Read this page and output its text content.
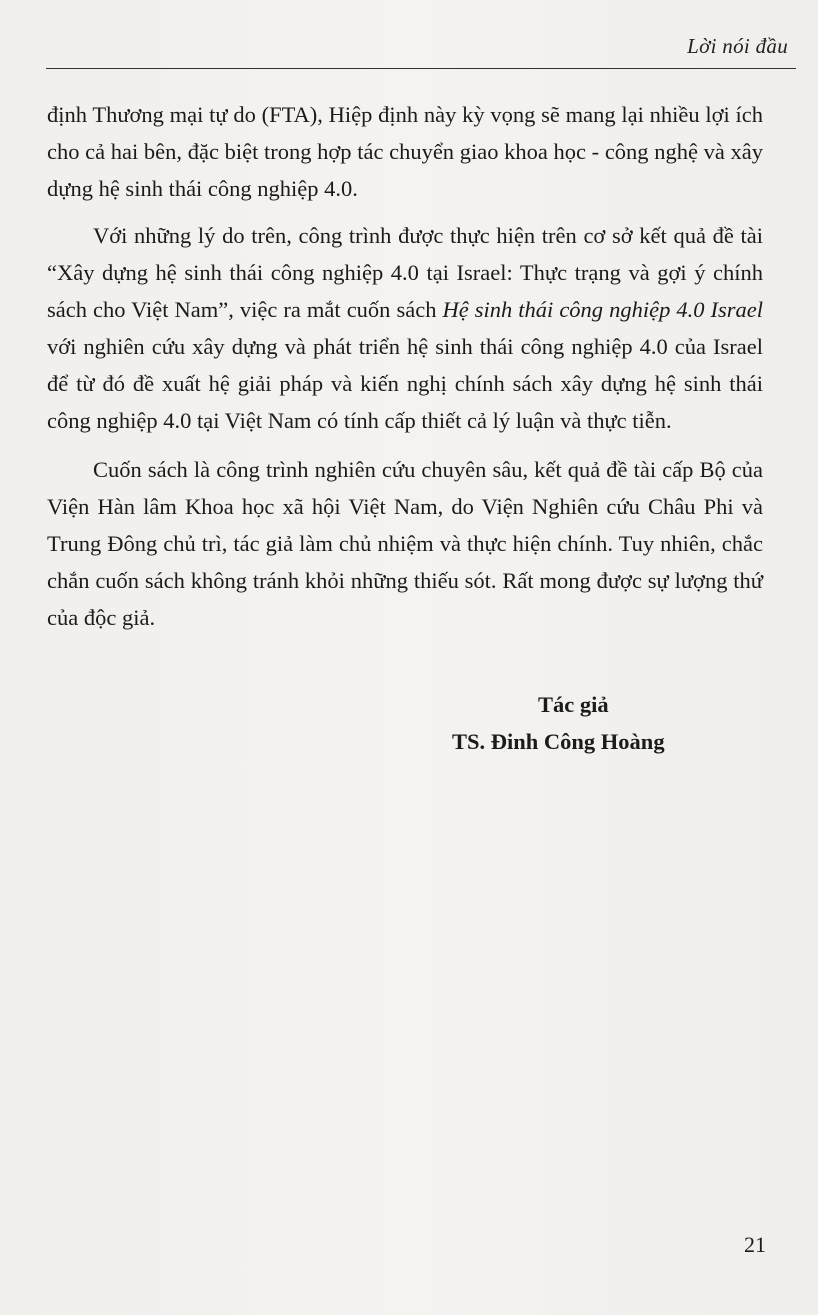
Lời nói đầu

định Thương mại tự do (FTA), Hiệp định này kỳ vọng sẽ mang lại nhiều lợi ích cho cả hai bên, đặc biệt trong hợp tác chuyển giao khoa học - công nghệ và xây dựng hệ sinh thái công nghiệp 4.0.

Với những lý do trên, công trình được thực hiện trên cơ sở kết quả đề tài “Xây dựng hệ sinh thái công nghiệp 4.0 tại Israel: Thực trạng và gợi ý chính sách cho Việt Nam”, việc ra mắt cuốn sách Hệ sinh thái công nghiệp 4.0 Israel với nghiên cứu xây dựng và phát triển hệ sinh thái công nghiệp 4.0 của Israel để từ đó đề xuất hệ giải pháp và kiến nghị chính sách xây dựng hệ sinh thái công nghiệp 4.0 tại Việt Nam có tính cấp thiết cả lý luận và thực tiễn.

Cuốn sách là công trình nghiên cứu chuyên sâu, kết quả đề tài cấp Bộ của Viện Hàn lâm Khoa học xã hội Việt Nam, do Viện Nghiên cứu Châu Phi và Trung Đông chủ trì, tác giả làm chủ nhiệm và thực hiện chính. Tuy nhiên, chắc chắn cuốn sách không tránh khỏi những thiếu sót. Rất mong được sự lượng thứ của độc giả.

Tác giả
TS. Đinh Công Hoàng
21
